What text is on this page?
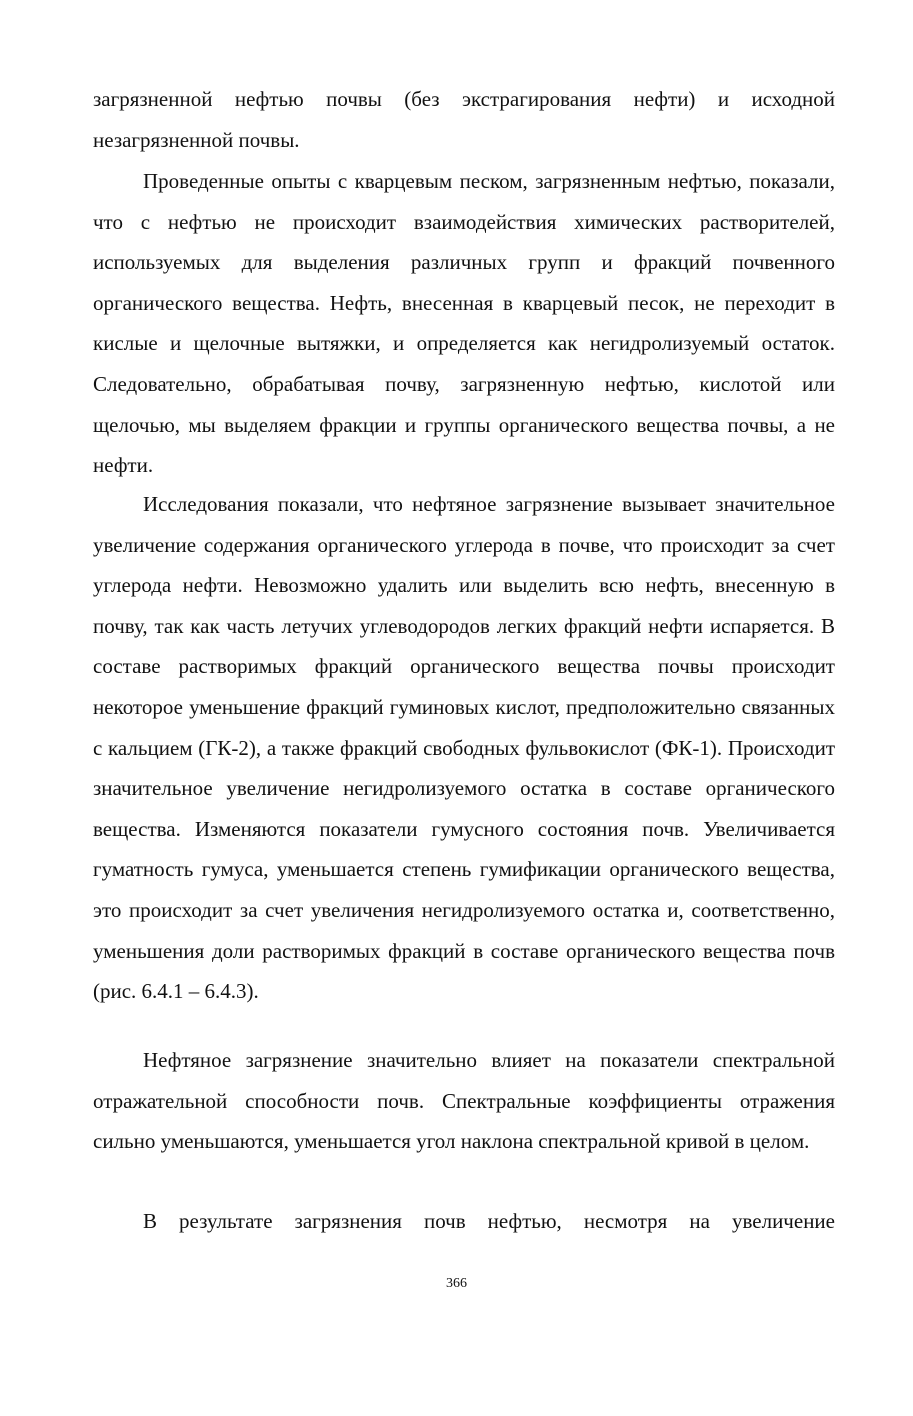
загрязненной нефтью почвы (без экстрагирования нефти) и исходной незагрязненной почвы.

Проведенные опыты с кварцевым песком, загрязненным нефтью, показали, что с нефтью не происходит взаимодействия химических растворителей, используемых для выделения различных групп и фракций почвенного органического вещества. Нефть, внесенная в кварцевый песок, не переходит в кислые и щелочные вытяжки, и определяется как негидролизуемый остаток. Следовательно, обрабатывая почву, загрязненную нефтью, кислотой или щелочью, мы выделяем фракции и группы органического вещества почвы, а не нефти.

Исследования показали, что нефтяное загрязнение вызывает значительное увеличение содержания органического углерода в почве, что происходит за счет углерода нефти. Невозможно удалить или выделить всю нефть, внесенную в почву, так как часть летучих углеводородов легких фракций нефти испаряется. В составе растворимых фракций органического вещества почвы происходит некоторое уменьшение фракций гуминовых кислот, предположительно связанных с кальцием (ГК-2), а также фракций свободных фульвокислот (ФК-1). Происходит значительное увеличение негидролизуемого остатка в составе органического вещества. Изменяются показатели гумусного состояния почв. Увеличивается гуматность гумуса, уменьшается степень гумификации органического вещества, это происходит за счет увеличения негидролизуемого остатка и, соответственно, уменьшения доли растворимых фракций в составе органического вещества почв (рис. 6.4.1 – 6.4.3).

Нефтяное загрязнение значительно влияет на показатели спектральной отражательной способности почв. Спектральные коэффициенты отражения сильно уменьшаются, уменьшается угол наклона спектральной кривой в целом.

В результате загрязнения почв нефтью, несмотря на увеличение

366
